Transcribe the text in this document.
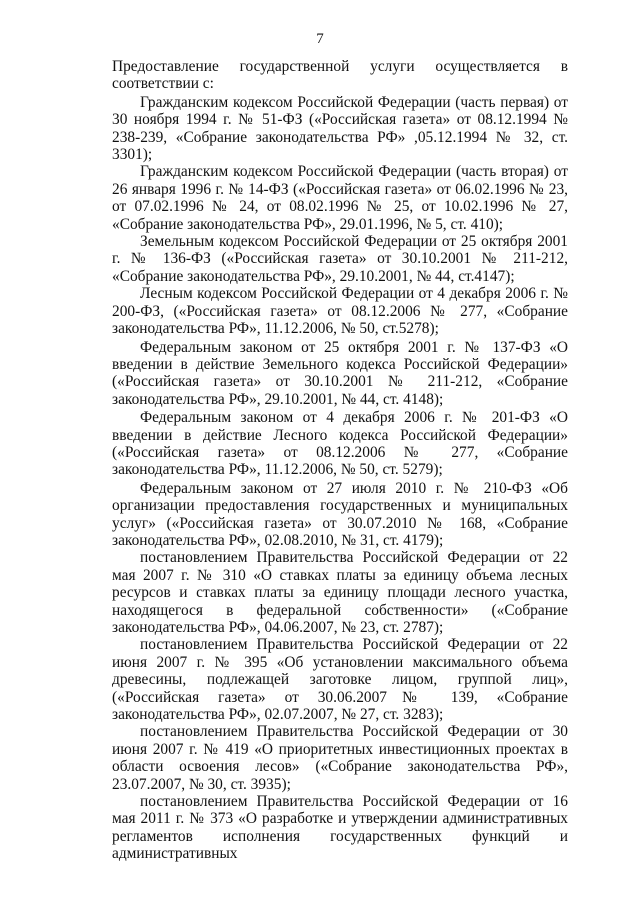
7

Предоставление государственной услуги осуществляется в соответствии с:

Гражданским кодексом Российской Федерации (часть первая) от 30 ноября 1994 г. № 51-ФЗ («Российская газета» от 08.12.1994 № 238-239, «Собрание законодательства РФ» ,05.12.1994 № 32, ст. 3301);

Гражданским кодексом Российской Федерации (часть вторая) от 26 января 1996 г. № 14-ФЗ («Российская газета» от 06.02.1996 № 23, от 07.02.1996 № 24, от 08.02.1996 № 25, от 10.02.1996 № 27, «Собрание законодательства РФ», 29.01.1996, № 5, ст. 410);

Земельным кодексом Российской Федерации от 25 октября 2001 г. № 136-ФЗ («Российская газета» от 30.10.2001 № 211-212, «Собрание законодательства РФ», 29.10.2001, № 44, ст.4147);

Лесным кодексом Российской Федерации от 4 декабря 2006 г. № 200-ФЗ, («Российская газета» от 08.12.2006 № 277, «Собрание законодательства РФ», 11.12.2006, № 50, ст.5278);

Федеральным законом от 25 октября 2001 г. № 137-ФЗ «О введении в действие Земельного кодекса Российской Федерации» («Российская газета» от 30.10.2001 № 211-212, «Собрание законодательства РФ», 29.10.2001, № 44, ст. 4148);

Федеральным законом от 4 декабря 2006 г. № 201-ФЗ «О введении в действие Лесного кодекса Российской Федерации» («Российская газета» от 08.12.2006 № 277, «Собрание законодательства РФ», 11.12.2006, № 50, ст. 5279);

Федеральным законом от 27 июля 2010 г. № 210-ФЗ «Об организации предоставления государственных и муниципальных услуг» («Российская газета» от 30.07.2010 № 168, «Собрание законодательства РФ», 02.08.2010, № 31, ст. 4179);

постановлением Правительства Российской Федерации от 22 мая 2007 г. № 310 «О ставках платы за единицу объема лесных ресурсов и ставках платы за единицу площади лесного участка, находящегося в федеральной собственности» («Собрание законодательства РФ», 04.06.2007, № 23, ст. 2787);

постановлением Правительства Российской Федерации от 22 июня 2007 г. № 395 «Об установлении максимального объема древесины, подлежащей заготовке лицом, группой лиц», («Российская газета» от 30.06.2007№ 139, «Собрание законодательства РФ», 02.07.2007, № 27, ст. 3283);

постановлением Правительства Российской Федерации от 30 июня 2007 г. № 419 «О приоритетных инвестиционных проектах в области освоения лесов» («Собрание законодательства РФ», 23.07.2007, № 30, ст. 3935);

постановлением Правительства Российской Федерации от 16 мая 2011 г. № 373 «О разработке и утверждении административных регламентов исполнения государственных функций и административных
